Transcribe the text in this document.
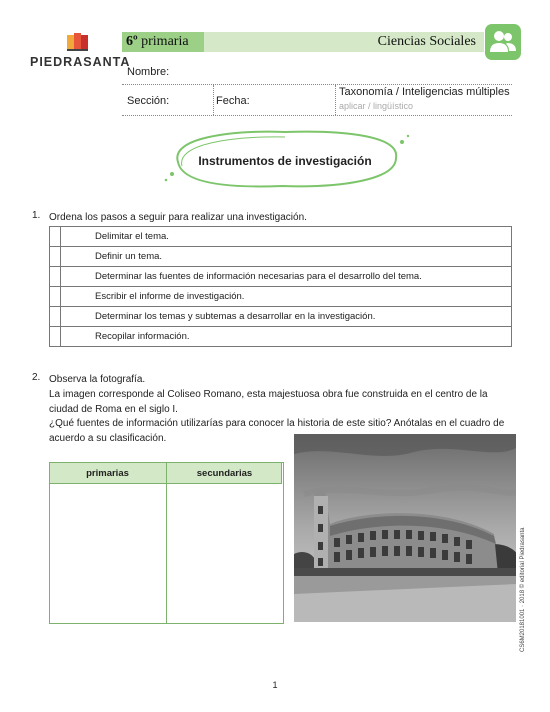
PIEDRASANTA
6º primaria	Ciencias Sociales
Nombre:
Sección:	Fecha:
Taxonomía / Inteligencias múltiples
aplicar / lingüístico
Instrumentos de investigación
1. Ordena los pasos a seguir para realizar una investigación.
	Delimitar el tema.
	Definir un tema.
	Determinar las fuentes de información necesarias para el desarrollo del tema.
	Escribir el informe de investigación.
	Determinar los temas y subtemas a desarrollar en la investigación.
	Recopilar información.
2. Observa la fotografía.
La imagen corresponde al Coliseo Romano, esta majestuosa obra fue construida en el centro de la ciudad de Roma en el siglo I.
¿Qué fuentes de información utilizarías para conocer la historia de este sitio? Anótalas en el cuadro de acuerdo a su clasificación.
primarias	secundarias
CS6M20181001 · 2018 © editorial Piedrasanta
1
